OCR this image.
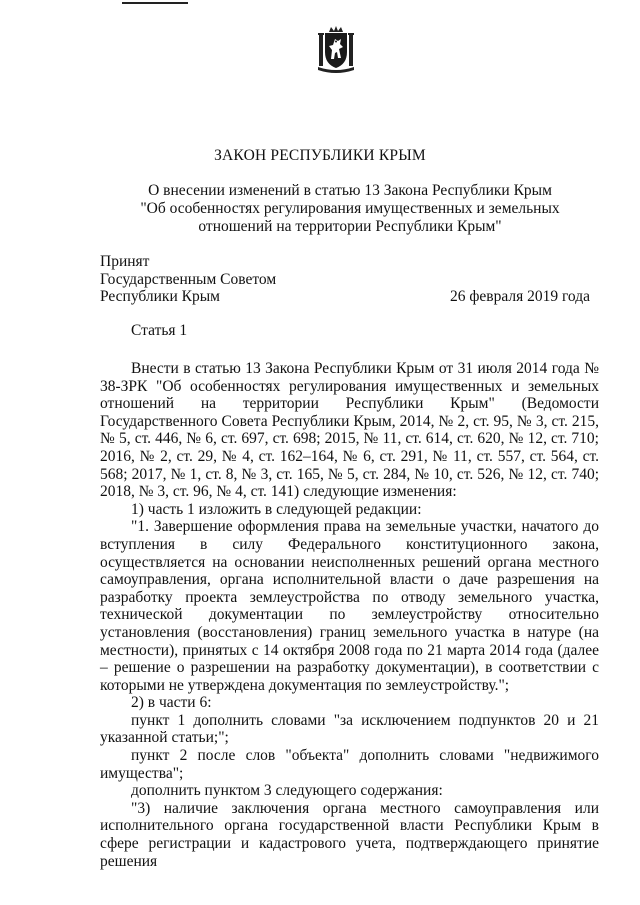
ЗАКОН РЕСПУБЛИКИ КРЫМ
О внесении изменений в статью 13 Закона Республики Крым
"Об особенностях регулирования имущественных и земельных
отношений на территории Республики Крым"
Принят
Государственным Советом
Республики Крым	26 февраля 2019 года
Статья 1

Внести в статью 13 Закона Республики Крым от 31 июля 2014 года № 38-ЗРК "Об особенностях регулирования имущественных и земельных отношений на территории Республики Крым" (Ведомости Государственного Совета Республики Крым, 2014, № 2, ст. 95, № 3, ст. 215, № 5, ст. 446, № 6, ст. 697, ст. 698; 2015, № 11, ст. 614, ст. 620, № 12, ст. 710; 2016, № 2, ст. 29, № 4, ст. 162–164, № 6, ст. 291, № 11, ст. 557, ст. 564, ст. 568; 2017, № 1, ст. 8, № 3, ст. 165, № 5, ст. 284, № 10, ст. 526, № 12, ст. 740; 2018, № 3, ст. 96, № 4, ст. 141) следующие изменения:

1) часть 1 изложить в следующей редакции:

"1. Завершение оформления права на земельные участки, начатого до вступления в силу Федерального конституционного закона, осуществляется на основании неисполненных решений органа местного самоуправления, органа исполнительной власти о даче разрешения на разработку проекта землеустройства по отводу земельного участка, технической документации по землеустройству относительно установления (восстановления) границ земельного участка в натуре (на местности), принятых с 14 октября 2008 года по 21 марта 2014 года (далее – решение о разрешении на разработку документации), в соответствии с которыми не утверждена документация по землеустройству.";

2) в части 6:

пункт 1 дополнить словами "за исключением подпунктов 20 и 21 указанной статьи;";

пункт 2 после слов "объекта" дополнить словами "недвижимого имущества";

дополнить пунктом 3 следующего содержания:

"3) наличие заключения органа местного самоуправления или исполнительного органа государственной власти Республики Крым в сфере регистрации и кадастрового учета, подтверждающего принятие решения
